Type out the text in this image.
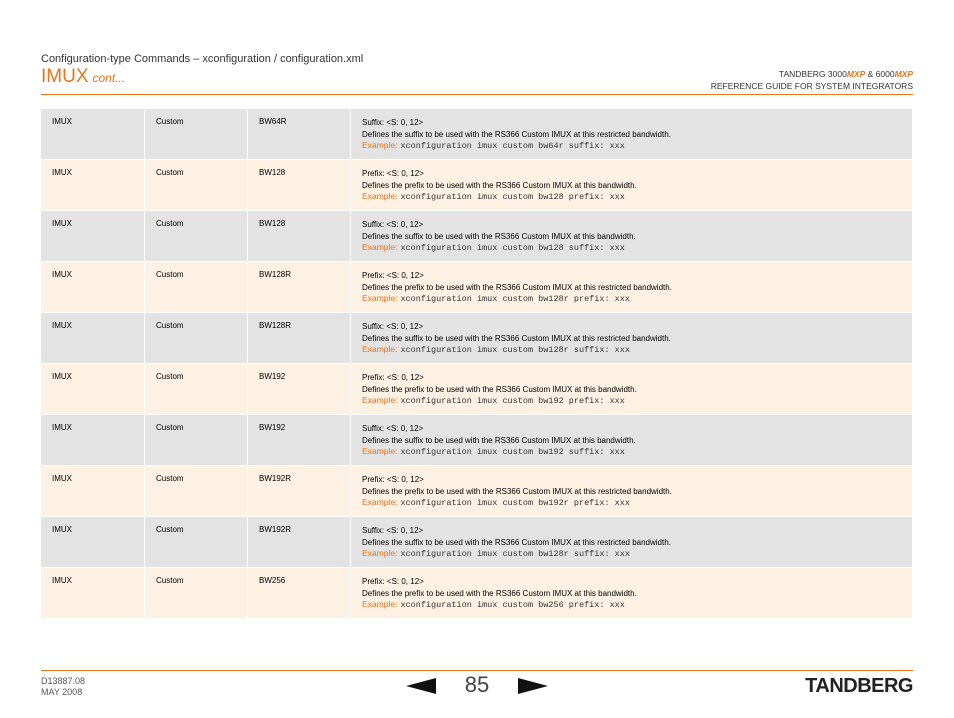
Configuration-type Commands – xconfiguration / configuration.xml
IMUX cont...	TANDBERG 3000MXP & 6000MXP
REFERENCE GUIDE FOR SYSTEM INTEGRATORS
IMUX	Custom	BW64R	Suffix: <S: 0, 12>
Defines the suffix to be used with the RS366 Custom IMUX at this restricted bandwidth.
Example: xconfiguration imux custom bw64r suffix: xxx

IMUX	Custom	BW128	Prefix: <S: 0, 12>
Defines the prefix to be used with the RS366 Custom IMUX at this bandwidth.
Example: xconfiguration imux custom bw128 prefix: xxx

IMUX	Custom	BW128	Suffix: <S: 0, 12>
Defines the suffix to be used with the RS366 Custom IMUX at this bandwidth.
Example: xconfiguration imux custom bw128 suffix: xxx

IMUX	Custom	BW128R	Prefix: <S: 0, 12>
Defines the prefix to be used with the RS366 Custom IMUX at this restricted bandwidth.
Example: xconfiguration imux custom bw128r prefix: xxx

IMUX	Custom	BW128R	Suffix: <S: 0, 12>
Defines the suffix to be used with the RS366 Custom IMUX at this restricted bandwidth.
Example: xconfiguration imux custom bw128r suffix: xxx

IMUX	Custom	BW192	Prefix: <S: 0, 12>
Defines the prefix to be used with the RS366 Custom IMUX at this bandwidth.
Example: xconfiguration imux custom bw192 prefix: xxx

IMUX	Custom	BW192	Suffix: <S: 0, 12>
Defines the suffix to be used with the RS366 Custom IMUX at this bandwidth.
Example: xconfiguration imux custom bw192 suffix: xxx

IMUX	Custom	BW192R	Prefix: <S: 0, 12>
Defines the prefix to be used with the RS366 Custom IMUX at this restricted bandwidth.
Example: xconfiguration imux custom bw192r prefix: xxx

IMUX	Custom	BW192R	Suffix: <S: 0, 12>
Defines the suffix to be used with the RS366 Custom IMUX at this restricted bandwidth.
Example: xconfiguration imux custom bw128r suffix: xxx

IMUX	Custom	BW256	Prefix: <S: 0, 12>
Defines the prefix to be used with the RS366 Custom IMUX at this bandwidth.
Example: xconfiguration imux custom bw256 prefix: xxx
D13887.08
MAY 2008	85	TANDBERG
